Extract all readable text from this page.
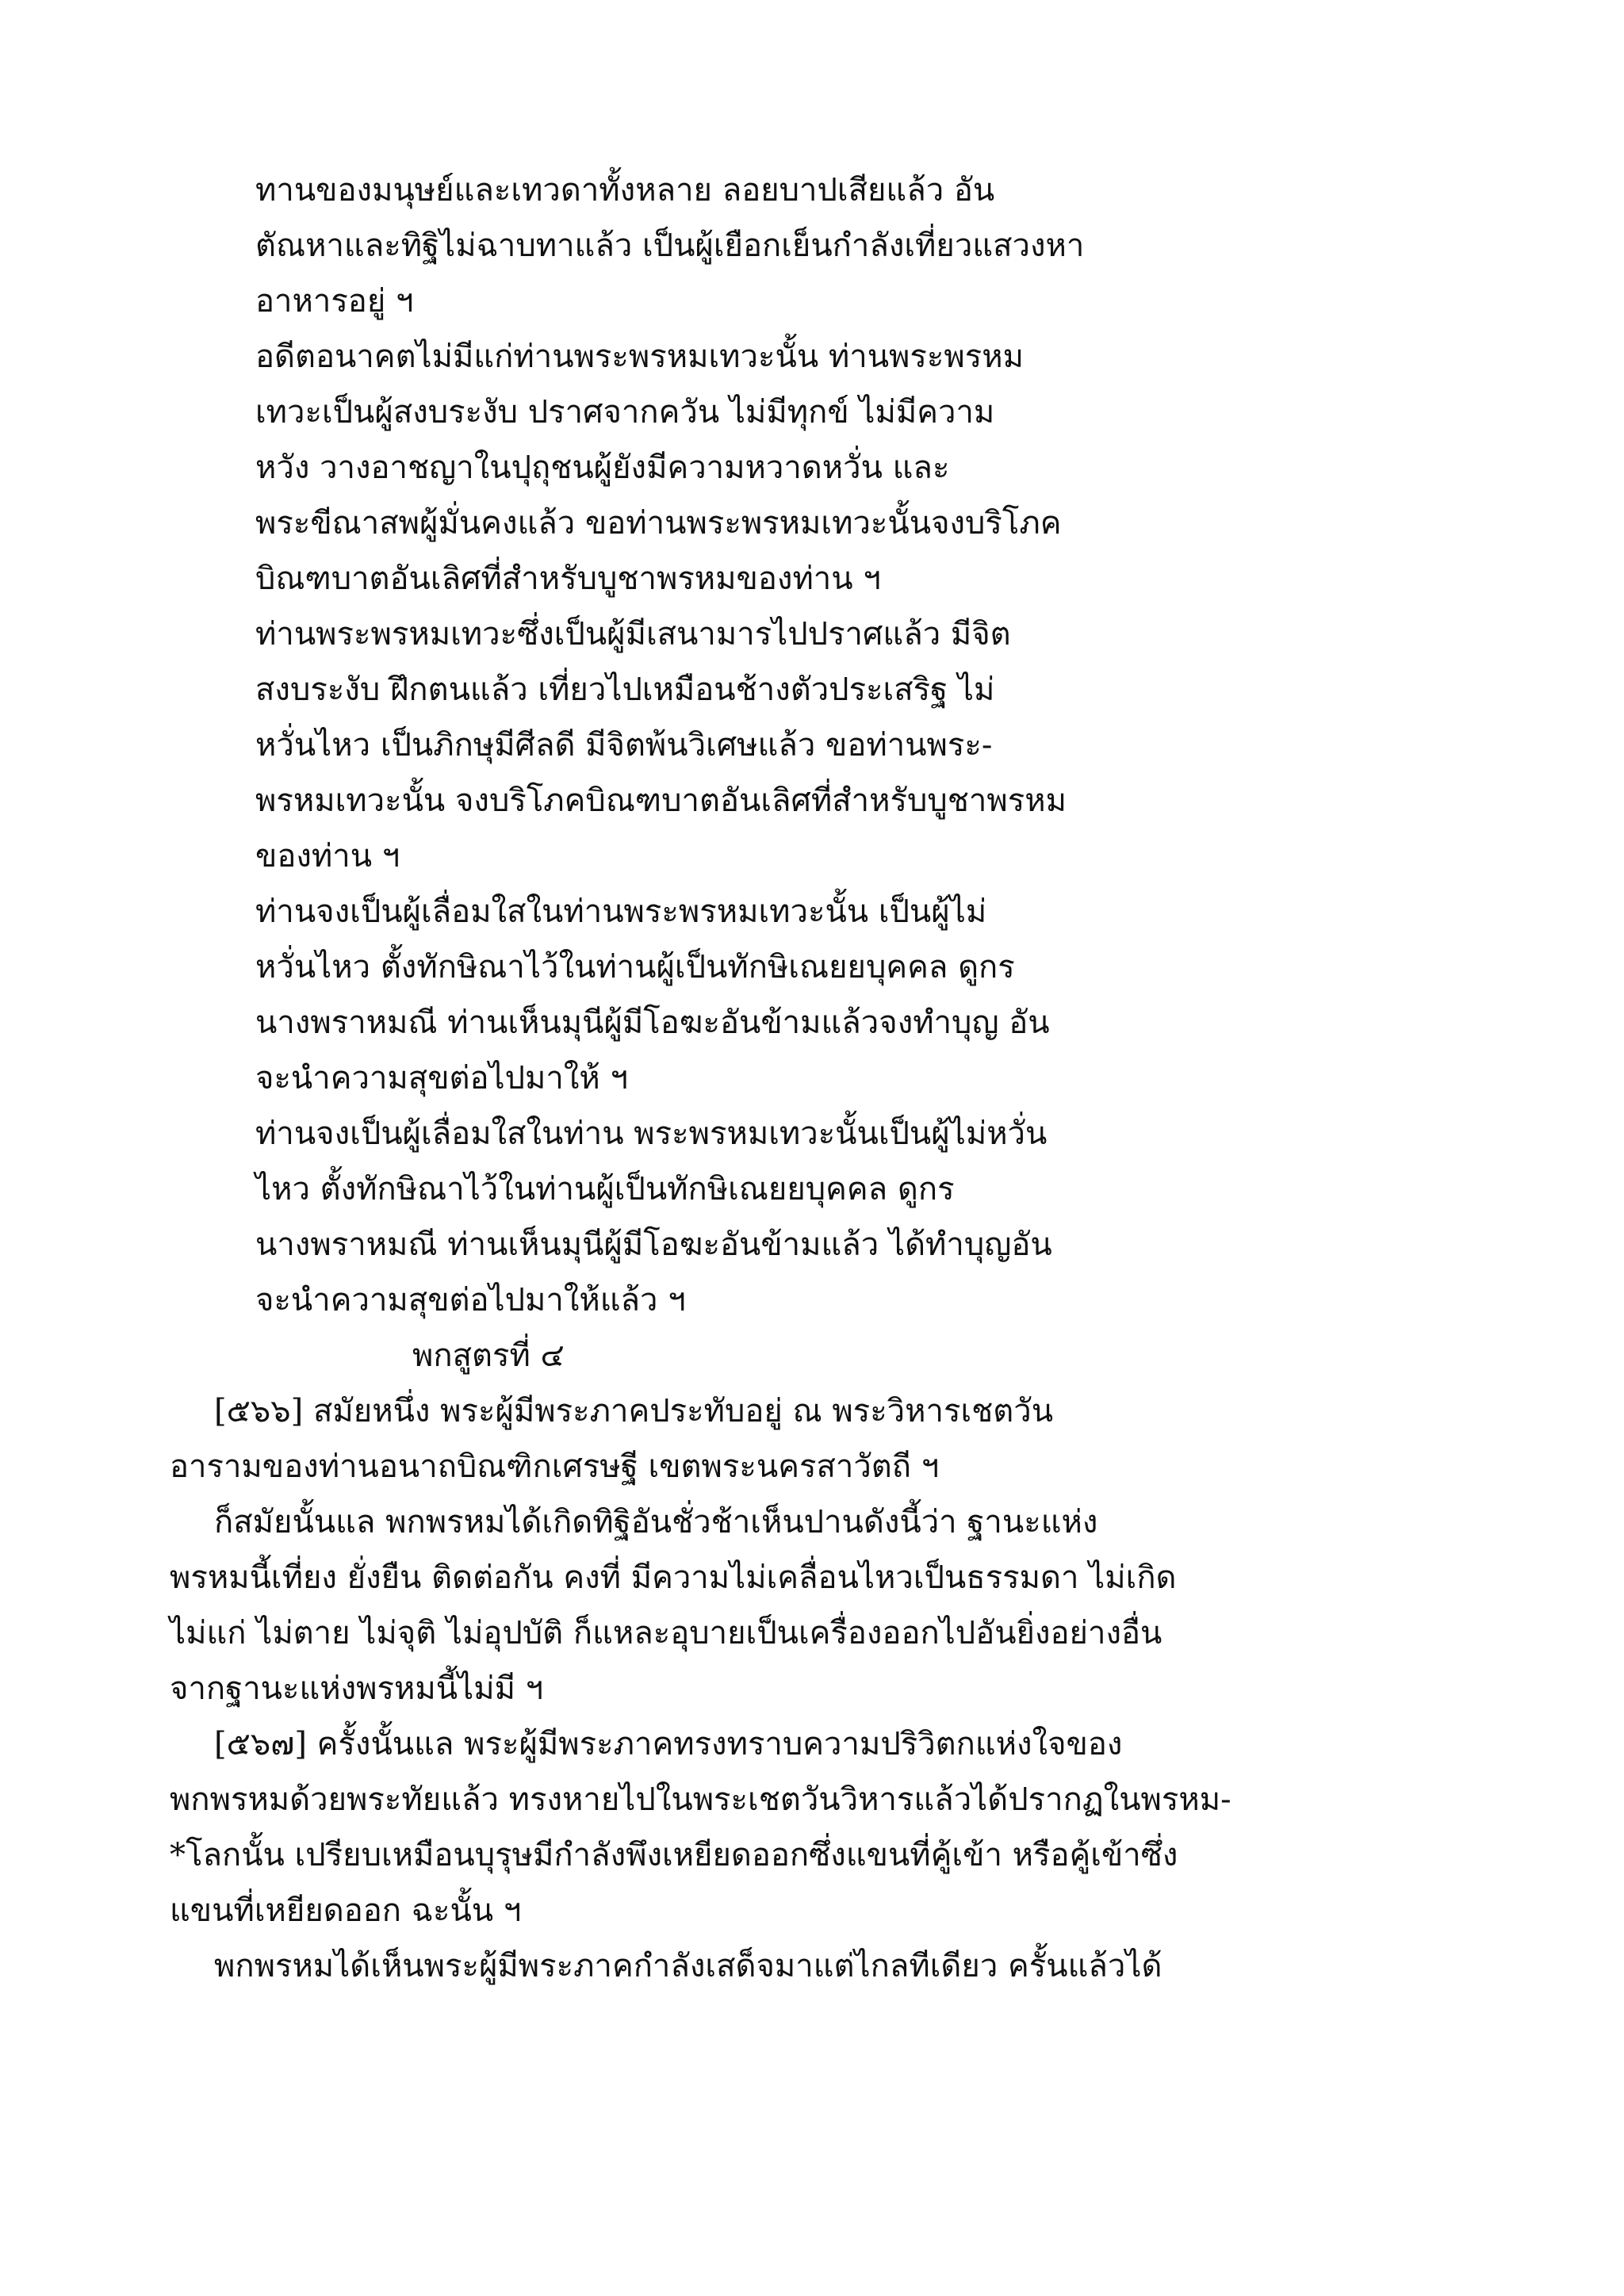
ทานของมนุษย์และเทวดาทั้งหลาย ลอยบาปเสียแล้ว อัน
ตัณหาและทิฐิไม่ฉาบทาแล้ว เป็นผู้เยือกเย็นกำลังเที่ยวแสวงหา
อาหารอยู่ ฯ
อดีตอนาคตไม่มีแก่ท่านพระพรหมเทวะนั้น ท่านพระพรหม
เทวะเป็นผู้สงบระงับ ปราศจากควัน ไม่มีทุกข์ ไม่มีความ
หวัง วางอาชญาในปุถุชนผู้ยังมีความหวาดหวั่น และ
พระขีณาสพผู้มั่นคงแล้ว ขอท่านพระพรหมเทวะนั้นจงบริโภค
บิณฑบาตอันเลิศที่สำหรับบูชาพรหมของท่าน ฯ
ท่านพระพรหมเทวะซึ่งเป็นผู้มีเสนามารไปปราศแล้ว มีจิต
สงบระงับ ฝึกตนแล้ว เที่ยวไปเหมือนช้างตัวประเสริฐ ไม่
หวั่นไหว เป็นภิกษุมีศีลดี มีจิตพ้นวิเศษแล้ว ขอท่านพระ-
พรหมเทวะนั้น จงบริโภคบิณฑบาตอันเลิศที่สำหรับบูชาพรหม
ของท่าน ฯ
ท่านจงเป็นผู้เลื่อมใสในท่านพระพรหมเทวะนั้น เป็นผู้ไม่
หวั่นไหว ตั้งทักษิณาไว้ในท่านผู้เป็นทักษิเณยยบุคคล ดูกร
นางพราหมณี ท่านเห็นมุนีผู้มีโอฆะอันข้ามแล้วจงทำบุญ อัน
จะนำความสุขต่อไปมาให้ ฯ
ท่านจงเป็นผู้เลื่อมใสในท่าน พระพรหมเทวะนั้นเป็นผู้ไม่หวั่น
ไหว ตั้งทักษิณาไว้ในท่านผู้เป็นทักษิเณยยบุคคล ดูกร
นางพราหมณี ท่านเห็นมุนีผู้มีโอฆะอันข้ามแล้ว ได้ทำบุญอัน
จะนำความสุขต่อไปมาให้แล้ว ฯ
พกสูตรที่ ๔
[๕๖๖] สมัยหนึ่ง พระผู้มีพระภาคประทับอยู่ ณ พระวิหารเชตวัน
อารามของท่านอนาถบิณฑิกเศรษฐี เขตพระนครสาวัตถี ฯ
ก็สมัยนั้นแล พกพรหมได้เกิดทิฐิอันชั่วช้าเห็นปานดังนี้ว่า ฐานะแห่ง
พรหมนี้เที่ยง ยั่งยืน ติดต่อกัน คงที่ มีความไม่เคลื่อนไหวเป็นธรรมดา ไม่เกิด
ไม่แก่ ไม่ตาย ไม่จุติ ไม่อุปบัติ ก็แหละอุบายเป็นเครื่องออกไปอันยิ่งอย่างอื่น
จากฐานะแห่งพรหมนี้ไม่มี ฯ
[๕๖๗] ครั้งนั้นแล พระผู้มีพระภาคทรงทราบความปริวิตกแห่งใจของ
พกพรหมด้วยพระทัยแล้ว ทรงหายไปในพระเชตวันวิหารแล้วได้ปรากฏในพรหม-
*โลกนั้น เปรียบเหมือนบุรุษมีกำลังพึงเหยียดออกซึ่งแขนที่คู้เข้า หรือคู้เข้าซึ่ง
แขนที่เหยียดออก ฉะนั้น ฯ
พกพรหมได้เห็นพระผู้มีพระภาคกำลังเสด็จมาแต่ไกลทีเดียว ครั้นแล้วได้
